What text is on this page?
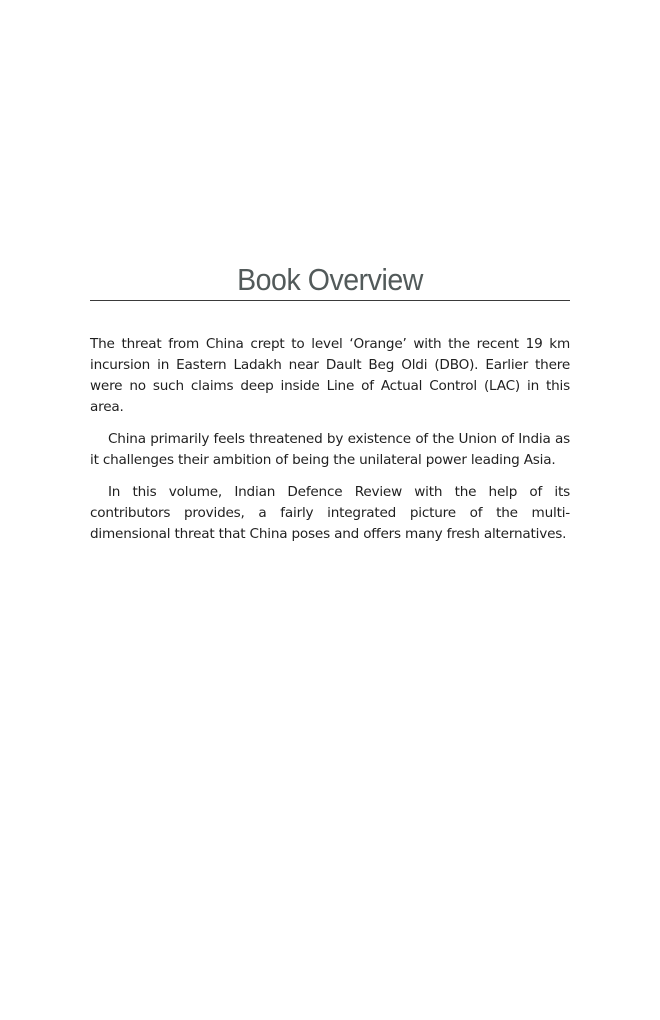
Book Overview

The threat from China crept to level ‘Orange’ with the recent 19 km incursion in Eastern Ladakh near Dault Beg Oldi (DBO). Earlier there were no such claims deep inside Line of Actual Control (LAC) in this area.

China primarily feels threatened by existence of the Union of India as it challenges their ambition of being the unilateral power leading Asia.

In this volume, Indian Defence Review with the help of its contributors provides, a fairly integrated picture of the multi-dimensional threat that China poses and offers many fresh alternatives.
